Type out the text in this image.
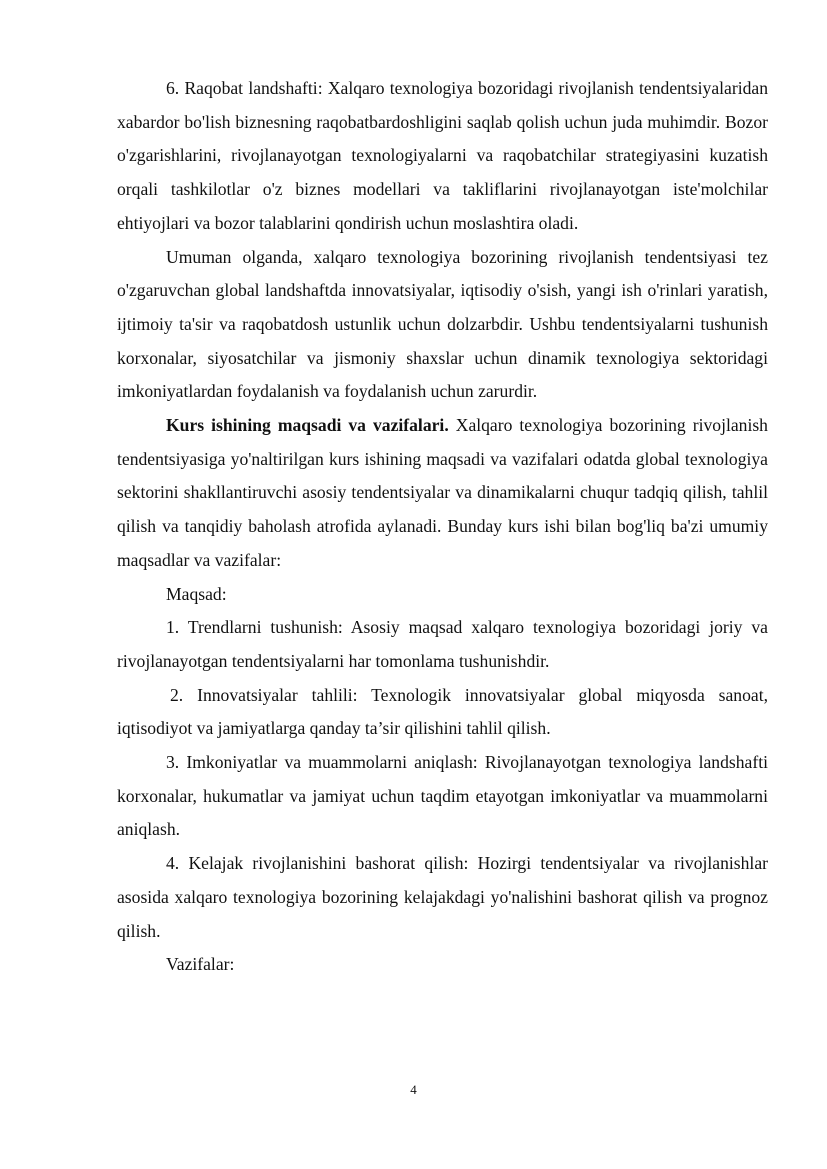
6. Raqobat landshafti: Xalqaro texnologiya bozoridagi rivojlanish tendentsiyalaridan xabardor bo'lish biznesning raqobatbardoshligini saqlab qolish uchun juda muhimdir. Bozor o'zgarishlarini, rivojlanayotgan texnologiyalarni va raqobatchilar strategiyasini kuzatish orqali tashkilotlar o'z biznes modellari va takliflarini rivojlanayotgan iste'molchilar ehtiyojlari va bozor talablarini qondirish uchun moslashtira oladi.

Umuman olganda, xalqaro texnologiya bozorining rivojlanish tendentsiyasi tez o'zgaruvchan global landshaftda innovatsiyalar, iqtisodiy o'sish, yangi ish o'rinlari yaratish, ijtimoiy ta'sir va raqobatdosh ustunlik uchun dolzarbdir. Ushbu tendentsiyalarni tushunish korxonalar, siyosatchilar va jismoniy shaxslar uchun dinamik texnologiya sektoridagi imkoniyatlardan foydalanish va foydalanish uchun zarurdir.

Kurs ishining maqsadi va vazifalari. Xalqaro texnologiya bozorining rivojlanish tendentsiyasiga yo'naltirilgan kurs ishining maqsadi va vazifalari odatda global texnologiya sektorini shakllantiruvchi asosiy tendentsiyalar va dinamikalarni chuqur tadqiq qilish, tahlil qilish va tanqidiy baholash atrofida aylanadi. Bunday kurs ishi bilan bog'liq ba'zi umumiy maqsadlar va vazifalar:

Maqsad:

1. Trendlarni tushunish: Asosiy maqsad xalqaro texnologiya bozoridagi joriy va rivojlanayotgan tendentsiyalarni har tomonlama tushunishdir.

2. Innovatsiyalar tahlili: Texnologik innovatsiyalar global miqyosda sanoat, iqtisodiyot va jamiyatlarga qanday ta’sir qilishini tahlil qilish.

3. Imkoniyatlar va muammolarni aniqlash: Rivojlanayotgan texnologiya landshafti korxonalar, hukumatlar va jamiyat uchun taqdim etayotgan imkoniyatlar va muammolarni aniqlash.

4. Kelajak rivojlanishini bashorat qilish: Hozirgi tendentsiyalar va rivojlanishlar asosida xalqaro texnologiya bozorining kelajakdagi yo'nalishini bashorat qilish va prognoz qilish.

Vazifalar:

4
